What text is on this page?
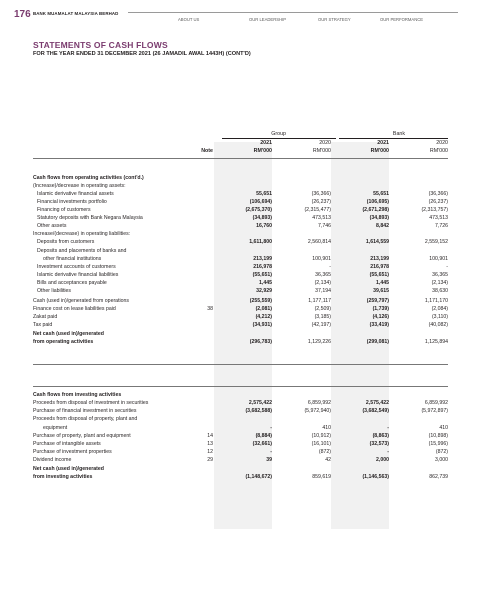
176 BANK MUAMALAT MALAYSIA BERHAD
ABOUT US	OUR LEADERSHIP	OUR STRATEGY	OUR PERFORMANCE
STATEMENTS OF CASH FLOWS
FOR THE YEAR ENDED 31 DECEMBER 2021 (26 JAMADIL AWAL 1443H) (CONT'D)
Group	Bank
Note
2021	2020	2021	2020
RM'000	RM'000	RM'000	RM'000
Cash flows from operating activities (cont'd.)
(Increase)/decrease in operating assets:
Islamic derivative financial assets	55,651	(36,366)	55,651	(36,366)
Financial investments portfolio	(106,694)	(26,237)	(106,695)	(26,237)
Financing of customers	(2,675,370)	(2,315,477)	(2,671,298)	(2,313,757)
Statutory deposits with Bank Negara Malaysia	(34,893)	473,513	(34,893)	473,513
Other assets	16,760	7,746	8,842	7,726
Increase/(decrease) in operating liabilities:
Deposits from customers	1,611,800	2,560,814	1,614,559	2,559,152
Deposits and placements of banks and
other financial institutions	213,199	100,901	213,199	100,901
Investment accounts of customers	216,978	-	216,978	-
Islamic derivative financial liabilities	(55,651)	36,365	(55,651)	36,365
Bills and acceptances payable	1,445	(2,134)	1,445	(2,134)
Other liabilities	32,929	37,194	39,615	38,630
Cash (used in)/generated from operations	(255,559)	1,177,117	(259,797)	1,171,170
Finance cost on lease liabilities paid	38	(2,081)	(2,509)	(1,739)	(2,084)
Zakat paid	(4,212)	(3,185)	(4,126)	(3,110)
Tax paid	(34,931)	(42,197)	(33,419)	(40,082)
Net cash (used in)/generated
from operating activities	(296,783)	1,129,226	(299,081)	1,125,894
Cash flows from investing activities
Proceeds from disposal of investment in securities	2,575,422	6,859,992	2,575,422	6,859,992
Purchase of financial investment in securities	(3,682,588)	(5,972,940)	(3,682,549)	(5,972,897)
Proceeds from disposal of property, plant and
equipment	-	410	-	410
Purchase of property, plant and equipment	14	(8,884)	(10,912)	(8,863)	(10,898)
Purchase of intangible assets	13	(32,661)	(16,101)	(32,573)	(15,996)
Purchase of investment properties	12	-	(872)	-	(872)
Dividend income	29	39	42	2,000	3,000
Net cash (used in)/generated
from investing activities	(1,148,672)	859,619	(1,146,563)	862,739
